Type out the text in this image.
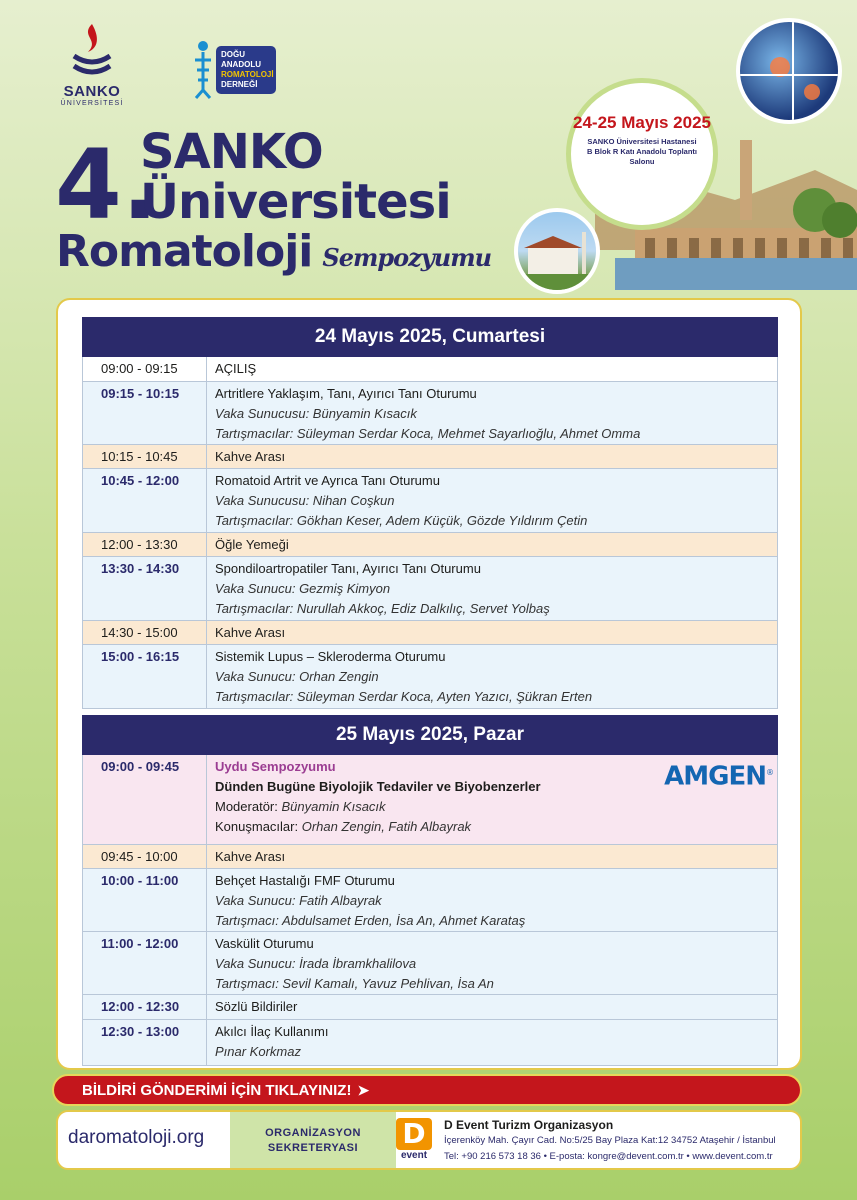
SANKO
ÜNİVERSİTESİ
DOĞU
ANADOLU
ROMATOLOJİ
DERNEĞİ
4.
SANKO
Üniversitesi
Romatoloji Sempozyumu
24-25 Mayıs 2025
SANKO Üniversitesi Hastanesi B Blok R Katı Anadolu Toplantı Salonu
24 Mayıs 2025, Cumartesi
09:00 - 09:15	AÇILIŞ
09:15 - 10:15	Artritlere Yaklaşım, Tanı, Ayırıcı Tanı Oturumu
Vaka Sunucusu: Bünyamin Kısacık
Tartışmacılar: Süleyman Serdar Koca, Mehmet Sayarlıoğlu, Ahmet Omma
10:15 - 10:45	Kahve Arası
10:45 - 12:00	Romatoid Artrit ve Ayrıca Tanı Oturumu
Vaka Sunucusu: Nihan Coşkun
Tartışmacılar: Gökhan Keser, Adem Küçük, Gözde Yıldırım Çetin
12:00 - 13:30	Öğle Yemeği
13:30 - 14:30	Spondiloartropatiler Tanı, Ayırıcı Tanı Oturumu
Vaka Sunucu: Gezmiş Kimyon
Tartışmacılar: Nurullah Akkoç, Ediz Dalkılıç, Servet Yolbaş
14:30 - 15:00	Kahve Arası
15:00 - 16:15	Sistemik Lupus – Skleroderma Oturumu
Vaka Sunucu: Orhan Zengin
Tartışmacılar: Süleyman Serdar Koca, Ayten Yazıcı, Şükran Erten
25 Mayıs 2025, Pazar
09:00 - 09:45	Uydu Sempozyumu
Dünden Bugüne Biyolojik Tedaviler ve Biyobenzerler
Moderatör: Bünyamin Kısacık
Konuşmacılar: Orhan Zengin, Fatih Albayrak
AMGEN®
09:45 - 10:00	Kahve Arası
10:00 - 11:00	Behçet Hastalığı FMF Oturumu
Vaka Sunucu: Fatih Albayrak
Tartışmacı: Abdulsamet Erden, İsa An, Ahmet Karataş
11:00 - 12:00	Vaskülit Oturumu
Vaka Sunucu: İrada İbramkhalilova
Tartışmacı: Sevil Kamalı, Yavuz Pehlivan, İsa An
12:00 - 12:30	Sözlü Bildiriler
12:30 - 13:00	Akılcı İlaç Kullanımı
Pınar Korkmaz
BİLDİRİ GÖNDERİMİ İÇİN TIKLAYINIZ! ➤
daromatoloji.org	ORGANİZASYON
SEKRETERYASI	D
event
D Event Turizm Organizasyon
İçerenköy Mah. Çayır Cad. No:5/25 Bay Plaza Kat:12 34752 Ataşehir / İstanbul
Tel: +90 216 573 18 36 • E-posta: kongre@devent.com.tr • www.devent.com.tr
